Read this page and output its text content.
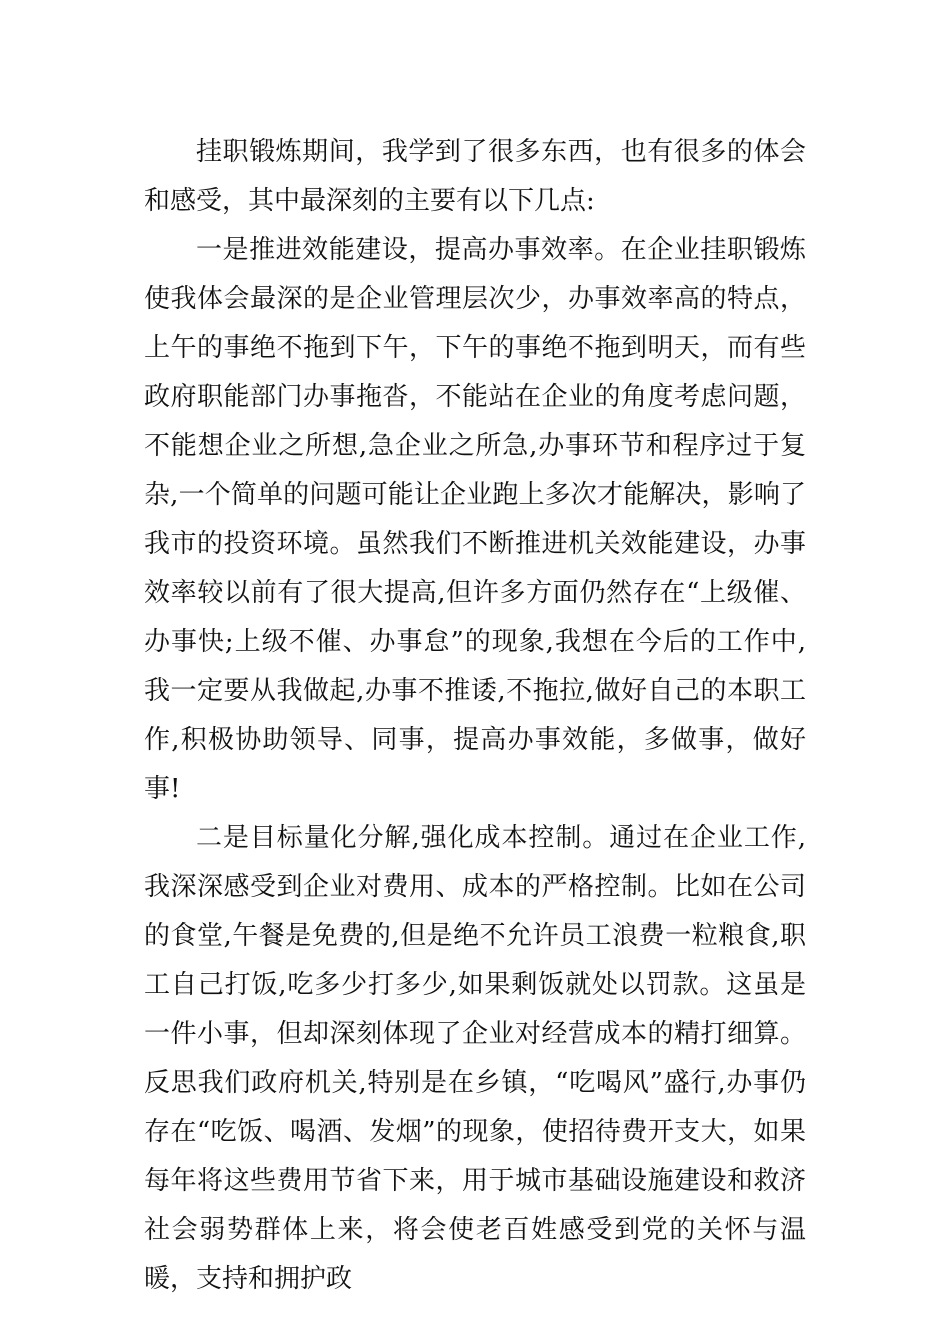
挂职锻炼期间，我学到了很多东西，也有很多的体会和感受，其中最深刻的主要有以下几点:

一是推进效能建设，提高办事效率。在企业挂职锻炼使我体会最深的是企业管理层次少，办事效率高的特点，上午的事绝不拖到下午，下午的事绝不拖到明天，而有些政府职能部门办事拖沓，不能站在企业的角度考虑问题，不能想企业之所想,急企业之所急,办事环节和程序过于复杂,一个简单的问题可能让企业跑上多次才能解决，影响了我市的投资环境。虽然我们不断推进机关效能建设，办事效率较以前有了很大提高,但许多方面仍然存在“上级催、办事快;上级不催、办事怠”的现象,我想在今后的工作中,我一定要从我做起,办事不推诿,不拖拉,做好自己的本职工作,积极协助领导、同事，提高办事效能，多做事，做好事!

二是目标量化分解,强化成本控制。通过在企业工作,我深深感受到企业对费用、成本的严格控制。比如在公司的食堂,午餐是免费的,但是绝不允许员工浪费一粒粮食,职工自己打饭,吃多少打多少,如果剩饭就处以罚款。这虽是一件小事，但却深刻体现了企业对经营成本的精打细算。反思我们政府机关,特别是在乡镇，“吃喝风”盛行,办事仍存在“吃饭、喝酒、发烟”的现象，使招待费开支大，如果每年将这些费用节省下来，用于城市基础设施建设和救济社会弱势群体上来，将会使老百姓感受到党的关怀与温暖，支持和拥护政
